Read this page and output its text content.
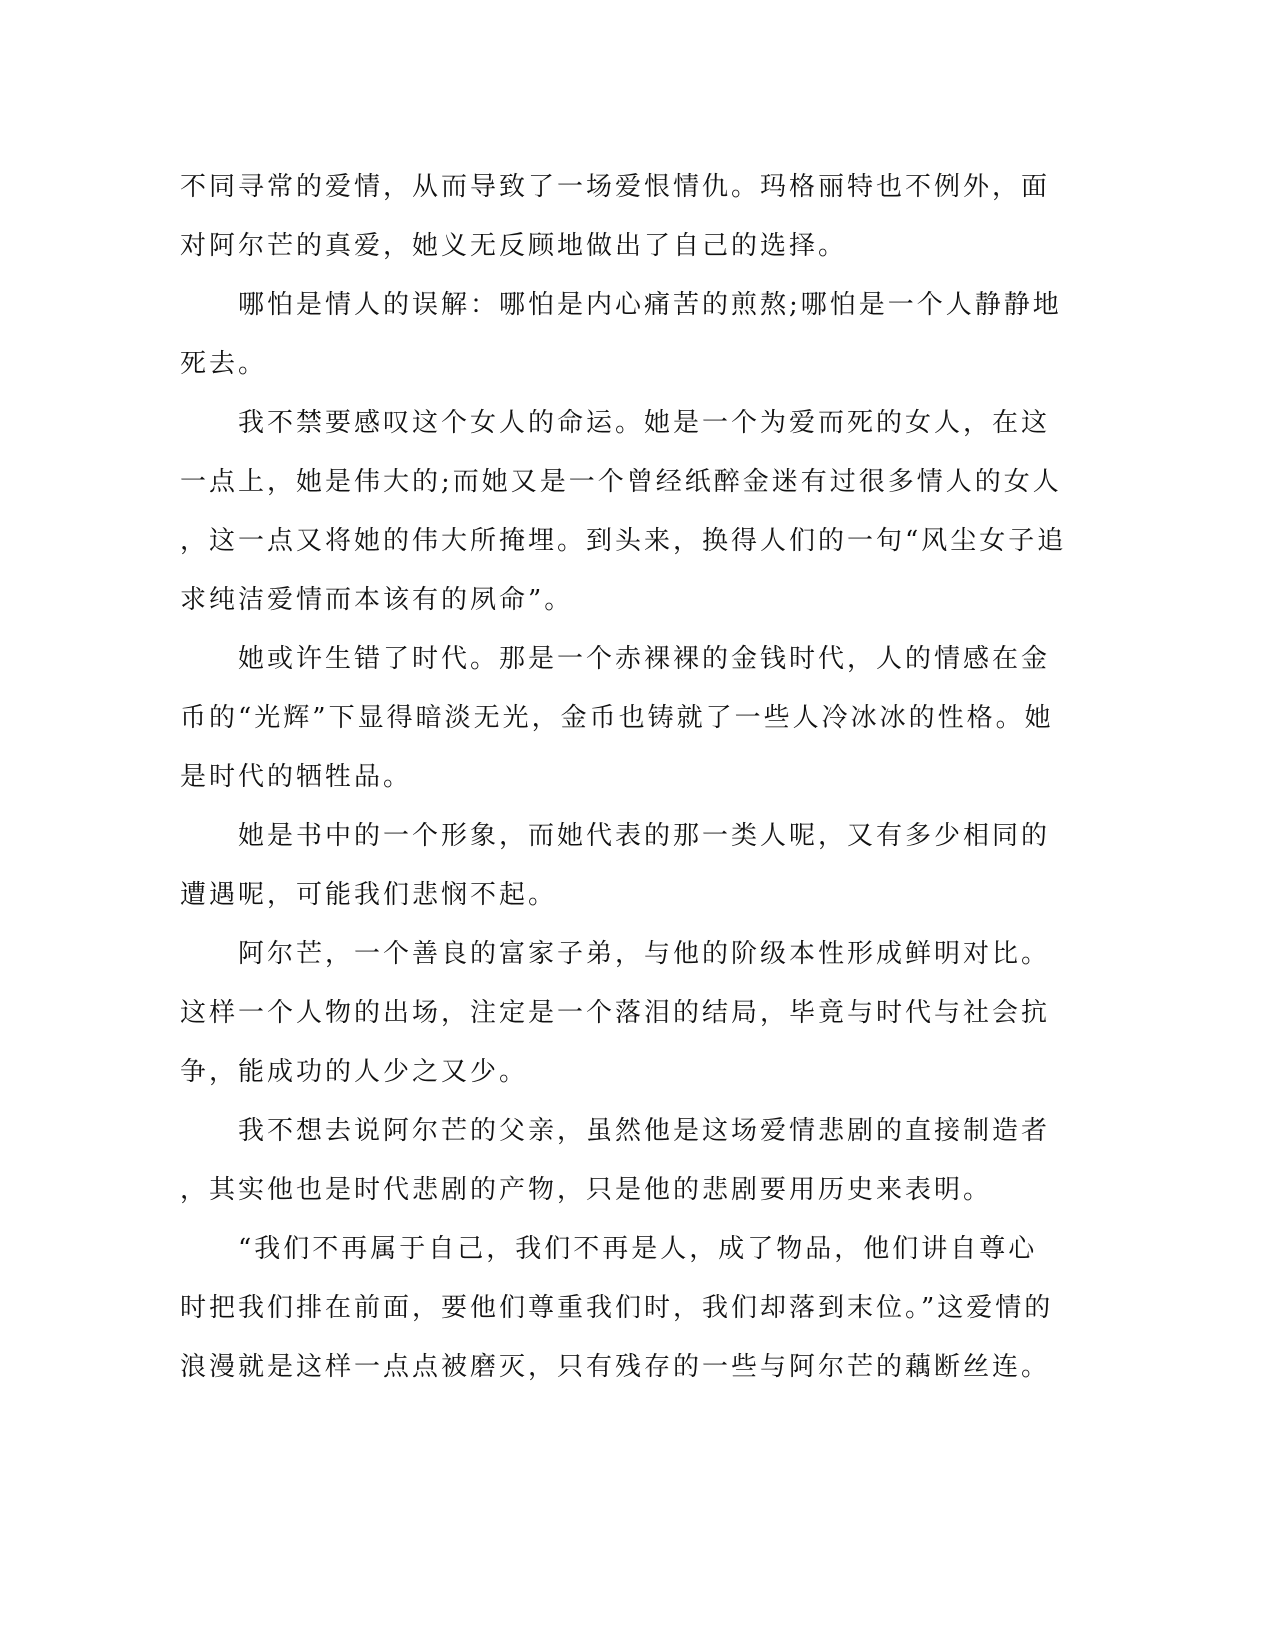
不同寻常的爱情，从而导致了一场爱恨情仇。玛格丽特也不例外，面
对阿尔芒的真爱，她义无反顾地做出了自己的选择。
　　哪怕是情人的误解：哪怕是内心痛苦的煎熬;哪怕是一个人静静地
死去。
　　我不禁要感叹这个女人的命运。她是一个为爱而死的女人，在这
一点上，她是伟大的;而她又是一个曾经纸醉金迷有过很多情人的女人
，这一点又将她的伟大所掩埋。到头来，换得人们的一句“风尘女子追
求纯洁爱情而本该有的夙命”。
　　她或许生错了时代。那是一个赤裸裸的金钱时代，人的情感在金
币的“光辉”下显得暗淡无光，金币也铸就了一些人冷冰冰的性格。她
是时代的牺牲品。
　　她是书中的一个形象，而她代表的那一类人呢，又有多少相同的
遭遇呢，可能我们悲悯不起。
　　阿尔芒，一个善良的富家子弟，与他的阶级本性形成鲜明对比。
这样一个人物的出场，注定是一个落泪的结局，毕竟与时代与社会抗
争，能成功的人少之又少。
　　我不想去说阿尔芒的父亲，虽然他是这场爱情悲剧的直接制造者
，其实他也是时代悲剧的产物，只是他的悲剧要用历史来表明。
　　“我们不再属于自己，我们不再是人，成了物品，他们讲自尊心
时把我们排在前面，要他们尊重我们时，我们却落到末位。”这爱情的
浪漫就是这样一点点被磨灭，只有残存的一些与阿尔芒的藕断丝连。
